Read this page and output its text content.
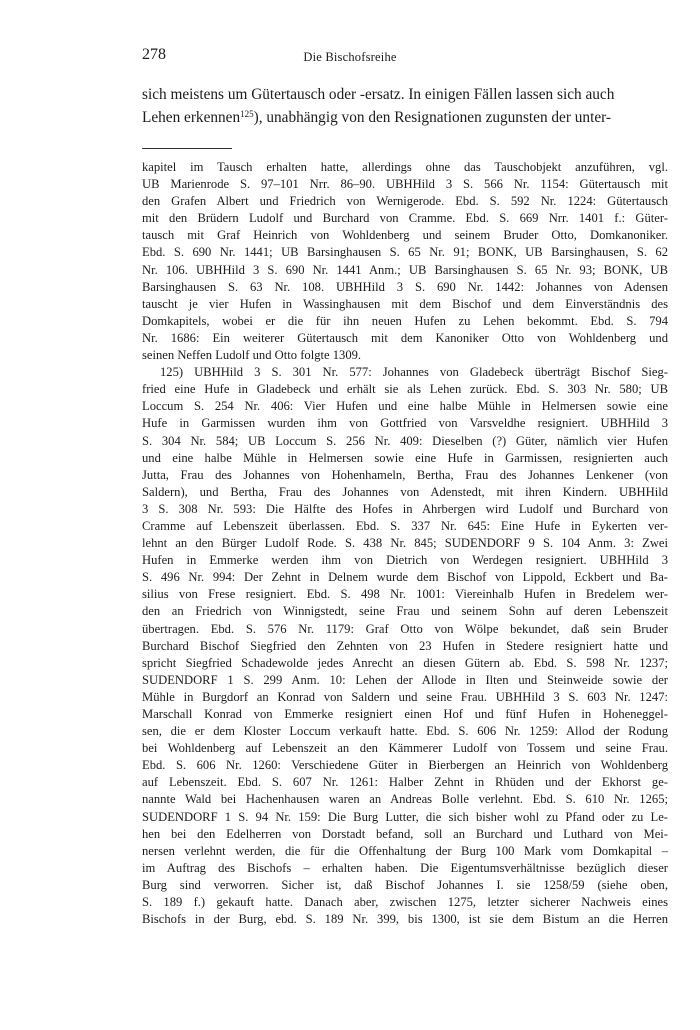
278	Die Bischofsreihe
sich meistens um Gütertausch oder -ersatz. In einigen Fällen lassen sich auch
Lehen erkennen$^{125}$), unabhängig von den Resignationen zugunsten der unter-
kapitel im Tausch erhalten hatte, allerdings ohne das Tauschobjekt anzuführen, vgl.
UB Marienrode S. 97–101 Nrr. 86–90. UBHHild 3 S. 566 Nr. 1154: Gütertausch mit
den Grafen Albert und Friedrich von Wernigerode. Ebd. S. 592 Nr. 1224: Gütertausch
mit den Brüdern Ludolf und Burchard von Cramme. Ebd. S. 669 Nrr. 1401 f.: Güter-
tausch mit Graf Heinrich von Wohldenberg und seinem Bruder Otto, Domkanoniker.
Ebd. S. 690 Nr. 1441; UB Barsinghausen S. 65 Nr. 91; BONK, UB Barsinghausen, S. 62
Nr. 106. UBHHild 3 S. 690 Nr. 1441 Anm.; UB Barsinghausen S. 65 Nr. 93; BONK, UB
Barsinghausen S. 63 Nr. 108. UBHHild 3 S. 690 Nr. 1442: Johannes von Adensen
tauscht je vier Hufen in Wassinghausen mit dem Bischof und dem Einverständnis des
Domkapitels, wobei er die für ihn neuen Hufen zu Lehen bekommt. Ebd. S. 794
Nr. 1686: Ein weiterer Gütertausch mit dem Kanoniker Otto von Wohldenberg und
seinen Neffen Ludolf und Otto folgte 1309.
125) UBHHild 3 S. 301 Nr. 577: Johannes von Gladebeck überträgt Bischof Sieg-
fried eine Hufe in Gladebeck und erhält sie als Lehen zurück. Ebd. S. 303 Nr. 580; UB
Loccum S. 254 Nr. 406: Vier Hufen und eine halbe Mühle in Helmersen sowie eine
Hufe in Garmissen wurden ihm von Gottfried von Varsveldhe resigniert. UBHHild 3
S. 304 Nr. 584; UB Loccum S. 256 Nr. 409: Dieselben (?) Güter, nämlich vier Hufen
und eine halbe Mühle in Helmersen sowie eine Hufe in Garmissen, resignierten auch
Jutta, Frau des Johannes von Hohenhameln, Bertha, Frau des Johannes Lenkener (von
Saldern), und Bertha, Frau des Johannes von Adenstedt, mit ihren Kindern. UBHHild
3 S. 308 Nr. 593: Die Hälfte des Hofes in Ahrbergen wird Ludolf und Burchard von
Cramme auf Lebenszeit überlassen. Ebd. S. 337 Nr. 645: Eine Hufe in Eykerten ver-
lehnt an den Bürger Ludolf Rode. S. 438 Nr. 845; SUDENDORF 9 S. 104 Anm. 3: Zwei
Hufen in Emmerke werden ihm von Dietrich von Werdegen resigniert. UBHHild 3
S. 496 Nr. 994: Der Zehnt in Delnem wurde dem Bischof von Lippold, Eckbert und Ba-
silius von Frese resigniert. Ebd. S. 498 Nr. 1001: Viereinhalb Hufen in Bredelem wer-
den an Friedrich von Winnigstedt, seine Frau und seinem Sohn auf deren Lebenszeit
übertragen. Ebd. S. 576 Nr. 1179: Graf Otto von Wölpe bekundet, daß sein Bruder
Burchard Bischof Siegfried den Zehnten von 23 Hufen in Stedere resigniert hatte und
spricht Siegfried Schadewolde jedes Anrecht an diesen Gütern ab. Ebd. S. 598 Nr. 1237;
SUDENDORF 1 S. 299 Anm. 10: Lehen der Allode in Ilten und Steinweide sowie der
Mühle in Burgdorf an Konrad von Saldern und seine Frau. UBHHild 3 S. 603 Nr. 1247:
Marschall Konrad von Emmerke resigniert einen Hof und fünf Hufen in Hoheneggel-
sen, die er dem Kloster Loccum verkauft hatte. Ebd. S. 606 Nr. 1259: Allod der Rodung
bei Wohldenberg auf Lebenszeit an den Kämmerer Ludolf von Tossem und seine Frau.
Ebd. S. 606 Nr. 1260: Verschiedene Güter in Bierbergen an Heinrich von Wohldenberg
auf Lebenszeit. Ebd. S. 607 Nr. 1261: Halber Zehnt in Rhüden und der Ekhorst ge-
nannte Wald bei Hachenhausen waren an Andreas Bolle verlehnt. Ebd. S. 610 Nr. 1265;
SUDENDORF 1 S. 94 Nr. 159: Die Burg Lutter, die sich bisher wohl zu Pfand oder zu Le-
hen bei den Edelherren von Dorstadt befand, soll an Burchard und Luthard von Mei-
nersen verlehnt werden, die für die Offenhaltung der Burg 100 Mark vom Domkapital –
im Auftrag des Bischofs – erhalten haben. Die Eigentumsverhältnisse bezüglich dieser
Burg sind verworren. Sicher ist, daß Bischof Johannes I. sie 1258/59 (siehe oben,
S. 189 f.) gekauft hatte. Danach aber, zwischen 1275, letzter sicherer Nachweis eines
Bischofs in der Burg, ebd. S. 189 Nr. 399, bis 1300, ist sie dem Bistum an die Herren
